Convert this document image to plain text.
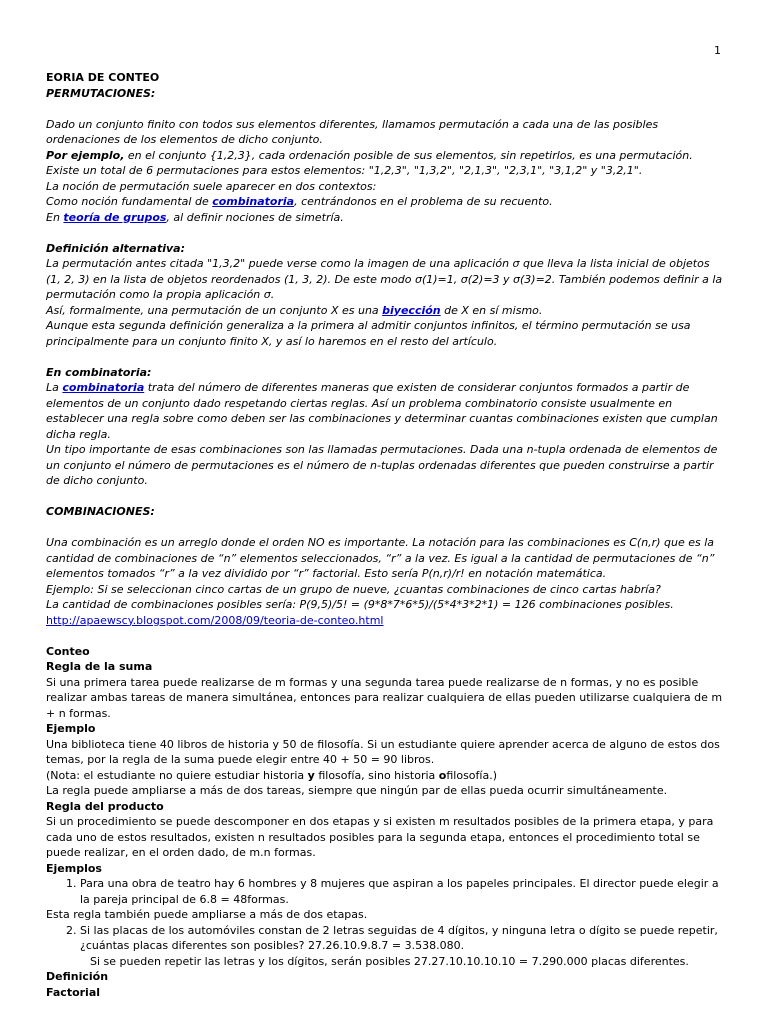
1

EORIA DE CONTEO

PERMUTACIONES:

Dado un conjunto finito con todos sus elementos diferentes, llamamos permutación a cada una de las posibles ordenaciones de los elementos de dicho conjunto.

Por ejemplo, en el conjunto {1,2,3}, cada ordenación posible de sus elementos, sin repetirlos, es una permutación.

Existe un total de 6 permutaciones para estos elementos: "1,2,3", "1,3,2", "2,1,3", "2,3,1", "3,1,2" y "3,2,1".

La noción de permutación suele aparecer en dos contextos:

Como noción fundamental de combinatoria, centrándonos en el problema de su recuento.

En teoría de grupos, al definir nociones de simetría.

Definición alternativa:

La permutación antes citada "1,3,2" puede verse como la imagen de una aplicación σ que lleva la lista inicial de objetos (1, 2, 3) en la lista de objetos reordenados (1, 3, 2). De este modo σ(1)=1, σ(2)=3 y σ(3)=2. También podemos definir a la permutación como la propia aplicación σ.

Así, formalmente, una permutación de un conjunto X es una biyección de X en sí mismo.

Aunque esta segunda definición generaliza a la primera al admitir conjuntos infinitos, el término permutación se usa principalmente para un conjunto finito X, y así lo haremos en el resto del artículo.

En combinatoria:

La combinatoria trata del número de diferentes maneras que existen de considerar conjuntos formados a partir de elementos de un conjunto dado respetando ciertas reglas. Así un problema combinatorio consiste usualmente en establecer una regla sobre como deben ser las combinaciones y determinar cuantas combinaciones existen que cumplan dicha regla.

Un tipo importante de esas combinaciones son las llamadas permutaciones. Dada una n-tupla ordenada de elementos de un conjunto el número de permutaciones es el número de n-tuplas ordenadas diferentes que pueden construirse a partir de dicho conjunto.

COMBINACIONES:

Una combinación es un arreglo donde el orden NO es importante. La notación para las combinaciones es C(n,r) que es la cantidad de combinaciones de “n” elementos seleccionados, “r” a la vez. Es igual a la cantidad de permutaciones de “n” elementos tomados “r” a la vez dividido por “r” factorial. Esto sería P(n,r)/r! en notación matemática.

Ejemplo: Si se seleccionan cinco cartas de un grupo de nueve, ¿cuantas combinaciones de cinco cartas habría?

La cantidad de combinaciones posibles sería: P(9,5)/5! = (9*8*7*6*5)/(5*4*3*2*1) = 126 combinaciones posibles.

http://apaewscy.blogspot.com/2008/09/teoria-de-conteo.html

Conteo

Regla de la suma

Si una primera tarea puede realizarse de m formas y una segunda tarea puede realizarse de n formas, y no es posible realizar ambas tareas de manera simultánea, entonces para realizar cualquiera de ellas pueden utilizarse cualquiera de m + n formas.

Ejemplo

Una biblioteca tiene 40 libros de historia y 50 de filosofía. Si un estudiante quiere aprender acerca de alguno de estos dos temas, por la regla de la suma puede elegir entre 40 + 50 = 90 libros.

(Nota: el estudiante no quiere estudiar historia y filosofía, sino historia ofilosofía.)

La regla puede ampliarse a más de dos tareas, siempre que ningún par de ellas pueda ocurrir simultáneamente.

Regla del producto

Si un procedimiento se puede descomponer en dos etapas y si existen m resultados posibles de la primera etapa, y para cada uno de estos resultados, existen n resultados posibles para la segunda etapa, entonces el procedimiento total se puede realizar, en el orden dado, de m.n formas.

Ejemplos

1. Para una obra de teatro hay 6 hombres y 8 mujeres que aspiran a los papeles principales. El director puede elegir a la pareja principal de 6.8 = 48formas.

Esta regla también puede ampliarse a más de dos etapas.

2. Si las placas de los automóviles constan de 2 letras seguidas de 4 dígitos, y ninguna letra o dígito se puede repetir, ¿cuántas placas diferentes son posibles? 27.26.10.9.8.7 = 3.538.080.

Si se pueden repetir las letras y los dígitos, serán posibles 27.27.10.10.10.10 = 7.290.000 placas diferentes.

Definición

Factorial
